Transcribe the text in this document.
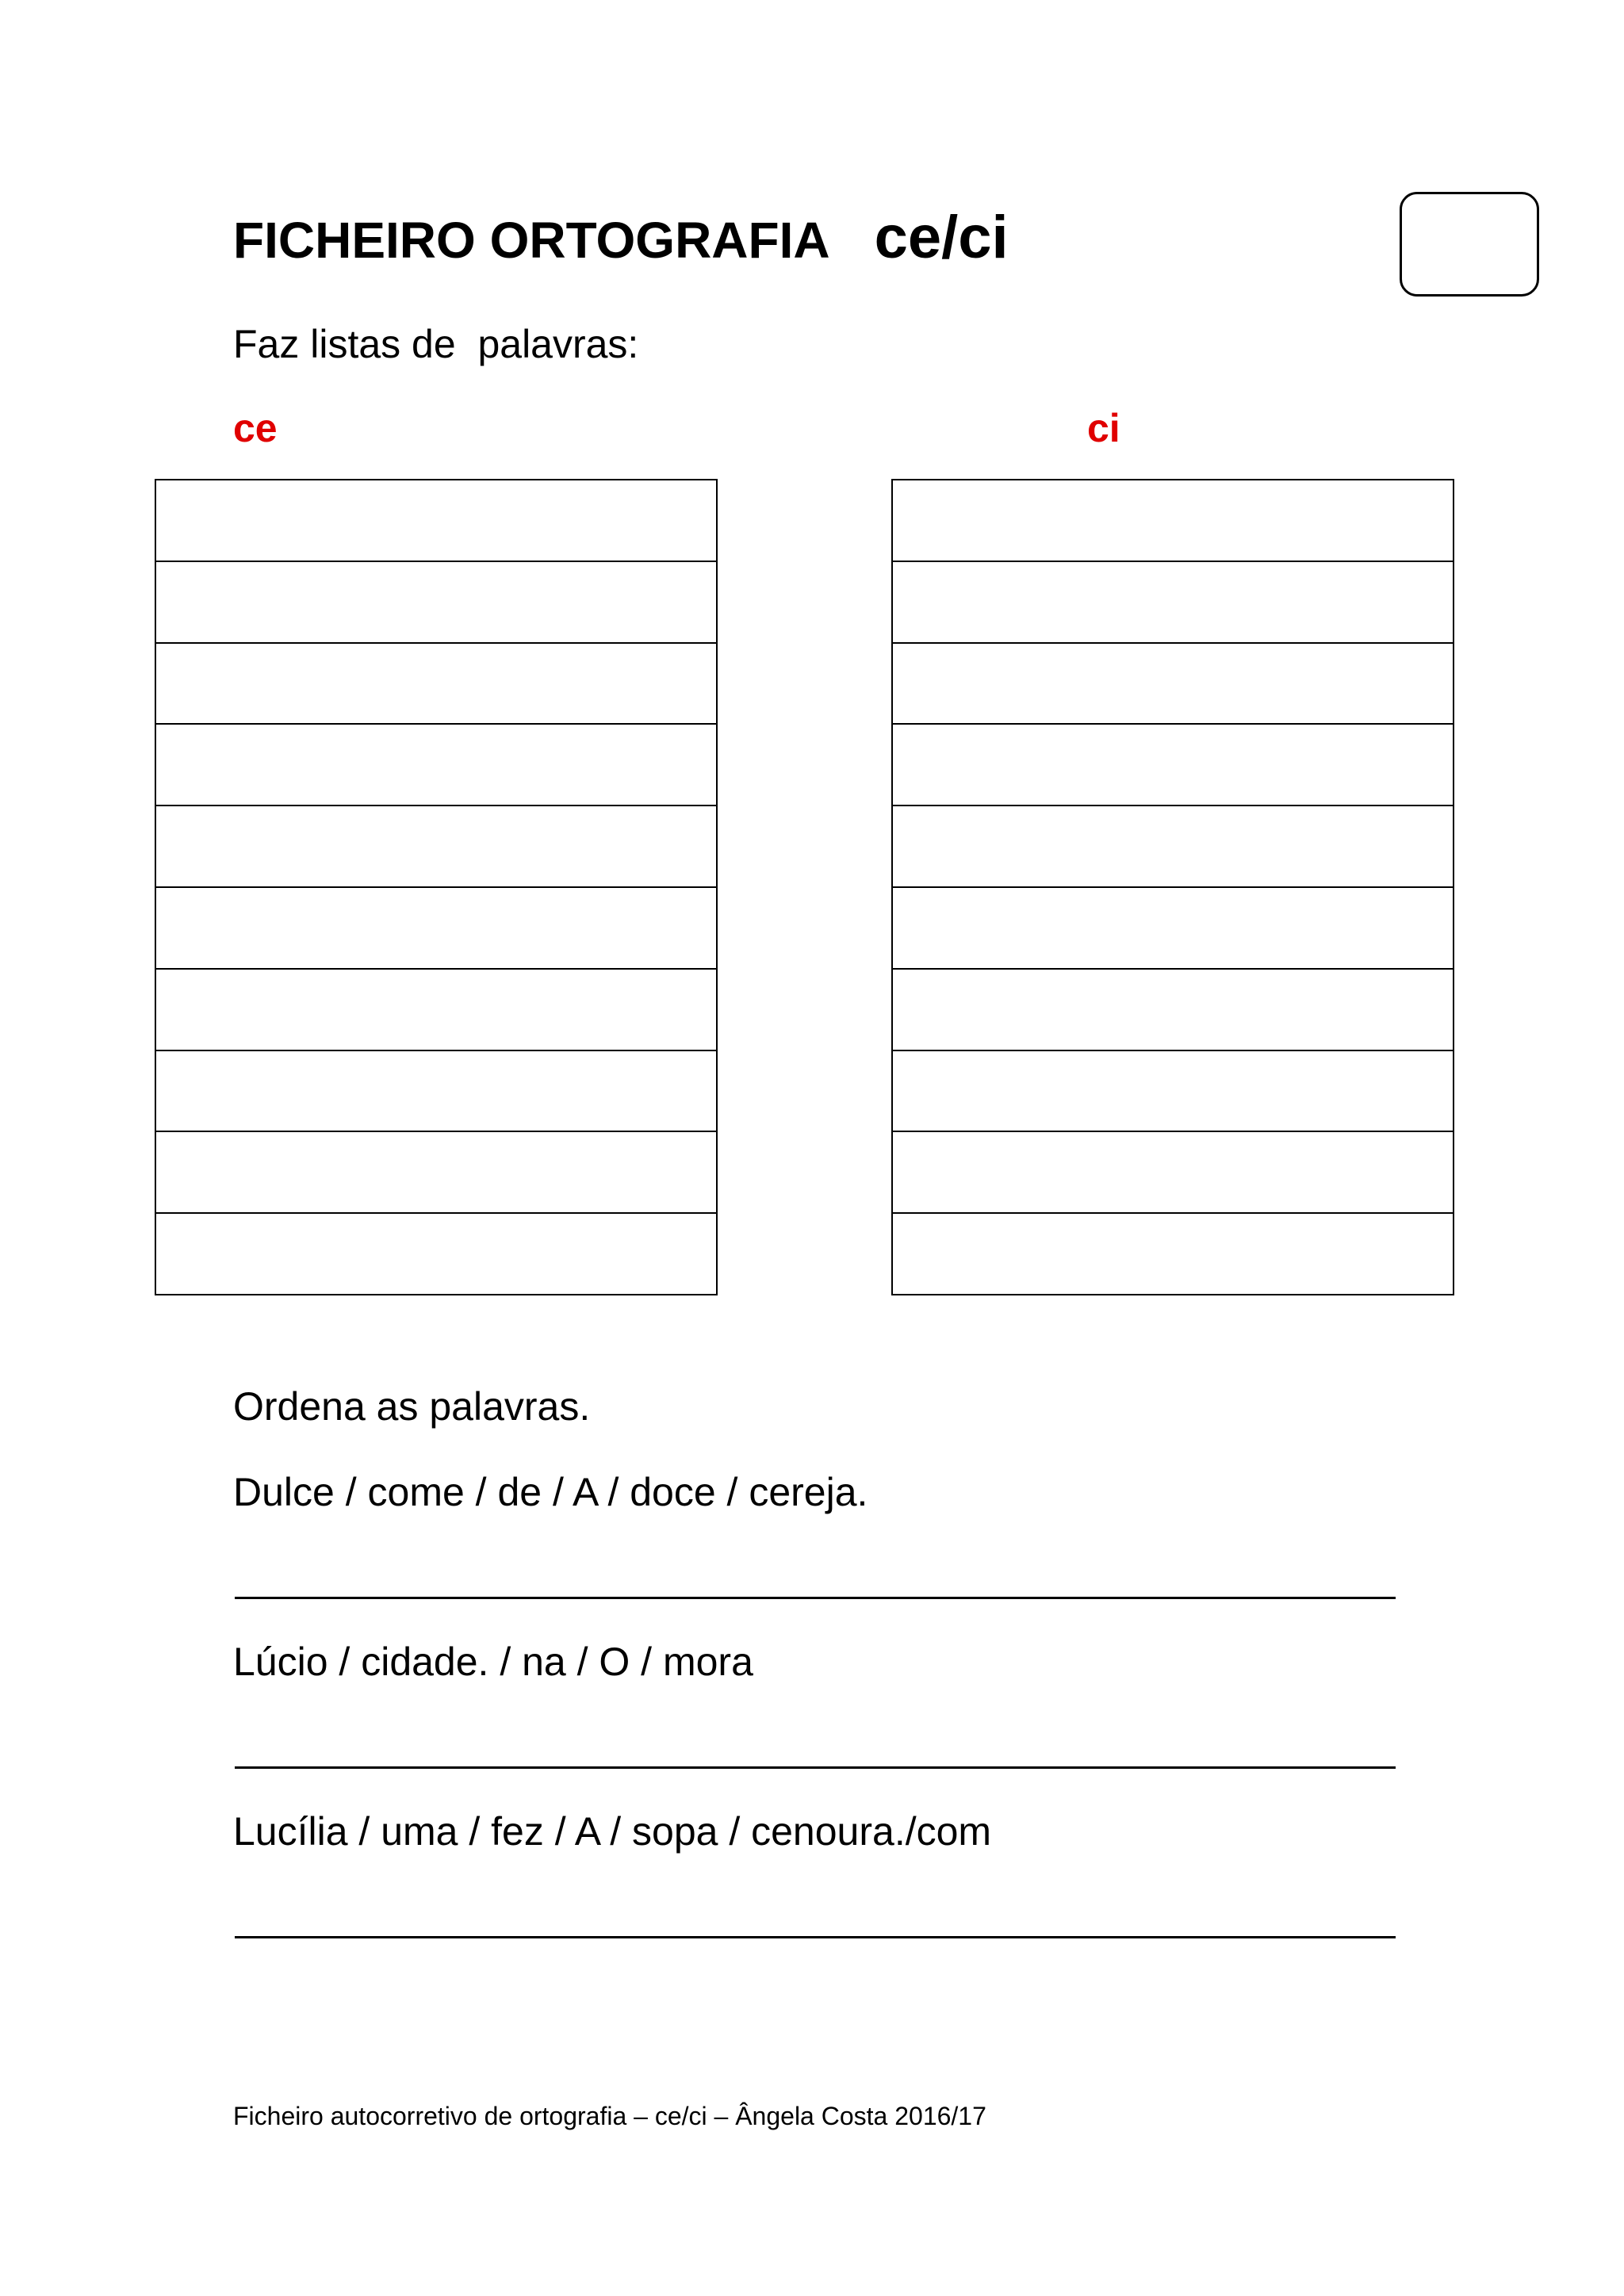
FICHEIRO ORTOGRAFIA ce/ci
Faz listas de  palavras:
ce	ci
Ordena as palavras.
Dulce / come / de / A / doce / cereja.
Lúcio / cidade. / na / O / mora
Lucília / uma / fez / A / sopa / cenoura./com
Ficheiro autocorretivo de ortografia – ce/ci – Ângela Costa 2016/17
